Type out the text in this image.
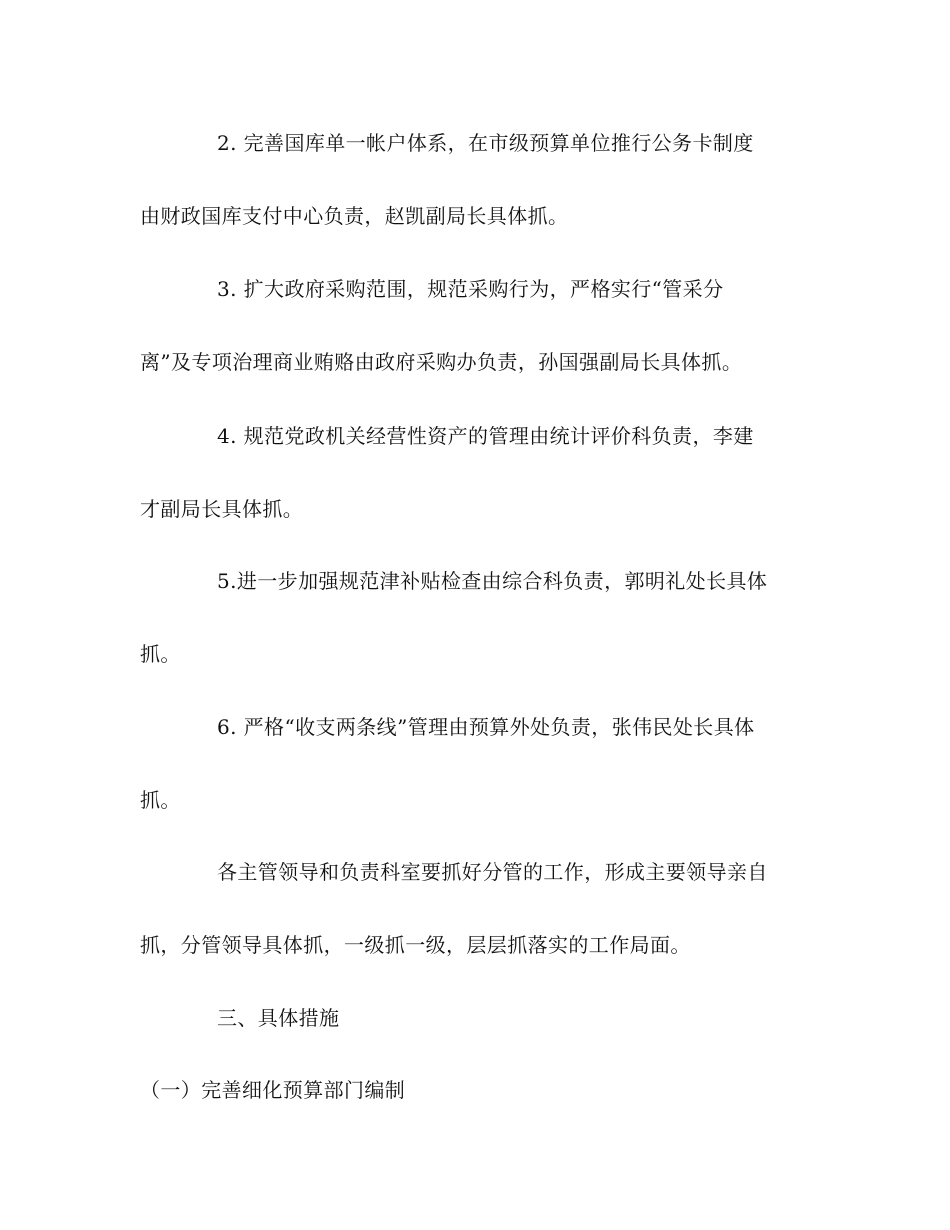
2. 完善国库单一帐户体系，在市级预算单位推行公务卡制度
由财政国库支付中心负责，赵凯副局长具体抓。
3. 扩大政府采购范围，规范采购行为，严格实行“管采分
离”及专项治理商业贿赂由政府采购办负责，孙国强副局长具体抓。
4. 规范党政机关经营性资产的管理由统计评价科负责，李建
才副局长具体抓。
5.进一步加强规范津补贴检查由综合科负责，郭明礼处长具体
抓。
6. 严格“收支两条线”管理由预算外处负责，张伟民处长具体
抓。
各主管领导和负责科室要抓好分管的工作，形成主要领导亲自
抓，分管领导具体抓，一级抓一级，层层抓落实的工作局面。
三、具体措施
（一）完善细化预算部门编制
